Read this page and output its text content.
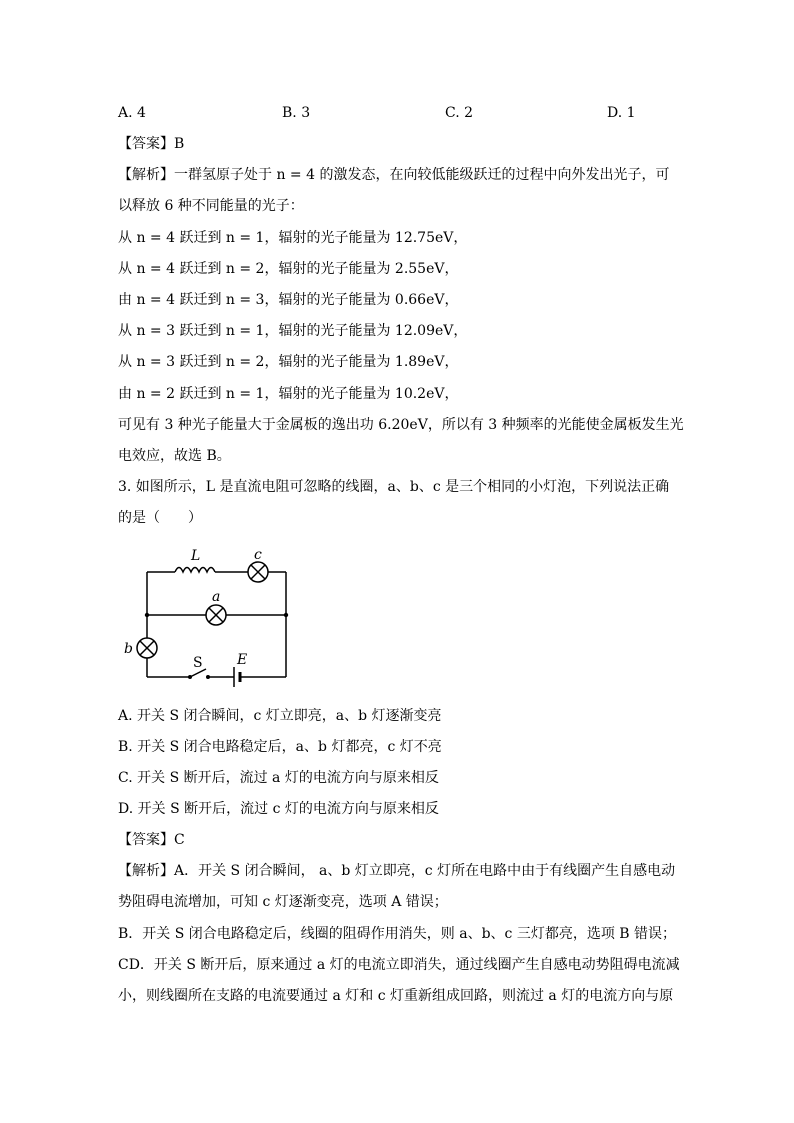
A. 4	B. 3	C. 2	D. 1
【答案】B
【解析】一群氢原子处于 n = 4 的激发态，在向较低能级跃迁的过程中向外发出光子，可
以释放 6 种不同能量的光子：
从 n = 4 跃迁到 n = 1，辐射的光子能量为 12.75eV，
从 n = 4 跃迁到 n = 2，辐射的光子能量为 2.55eV，
由 n = 4 跃迁到 n = 3，辐射的光子能量为 0.66eV，
从 n = 3 跃迁到 n = 1，辐射的光子能量为 12.09eV，
从 n = 3 跃迁到 n = 2，辐射的光子能量为 1.89eV，
由 n = 2 跃迁到 n = 1，辐射的光子能量为 10.2eV，
可见有 3 种光子能量大于金属板的逸出功 6.20eV，所以有 3 种频率的光能使金属板发生光
电效应，故选 B。
3. 如图所示，L 是直流电阻可忽略的线圈，a、b、c 是三个相同的小灯泡，下列说法正确
的是（　　）
L	c
a
b
S E
A. 开关 S 闭合瞬间，c 灯立即亮，a、b 灯逐渐变亮
B. 开关 S 闭合电路稳定后，a、b 灯都亮，c 灯不亮
C. 开关 S 断开后，流过 a 灯的电流方向与原来相反
D. 开关 S 断开后，流过 c 灯的电流方向与原来相反
【答案】C
【解析】A．开关 S 闭合瞬间， a、b 灯立即亮，c 灯所在电路中由于有线圈产生自感电动
势阻碍电流增加，可知 c 灯逐渐变亮，选项 A 错误；
B．开关 S 闭合电路稳定后，线圈的阻碍作用消失，则 a、b、c 三灯都亮，选项 B 错误；
CD．开关 S 断开后，原来通过 a 灯的电流立即消失，通过线圈产生自感电动势阻碍电流减
小，则线圈所在支路的电流要通过 a 灯和 c 灯重新组成回路，则流过 a 灯的电流方向与原
